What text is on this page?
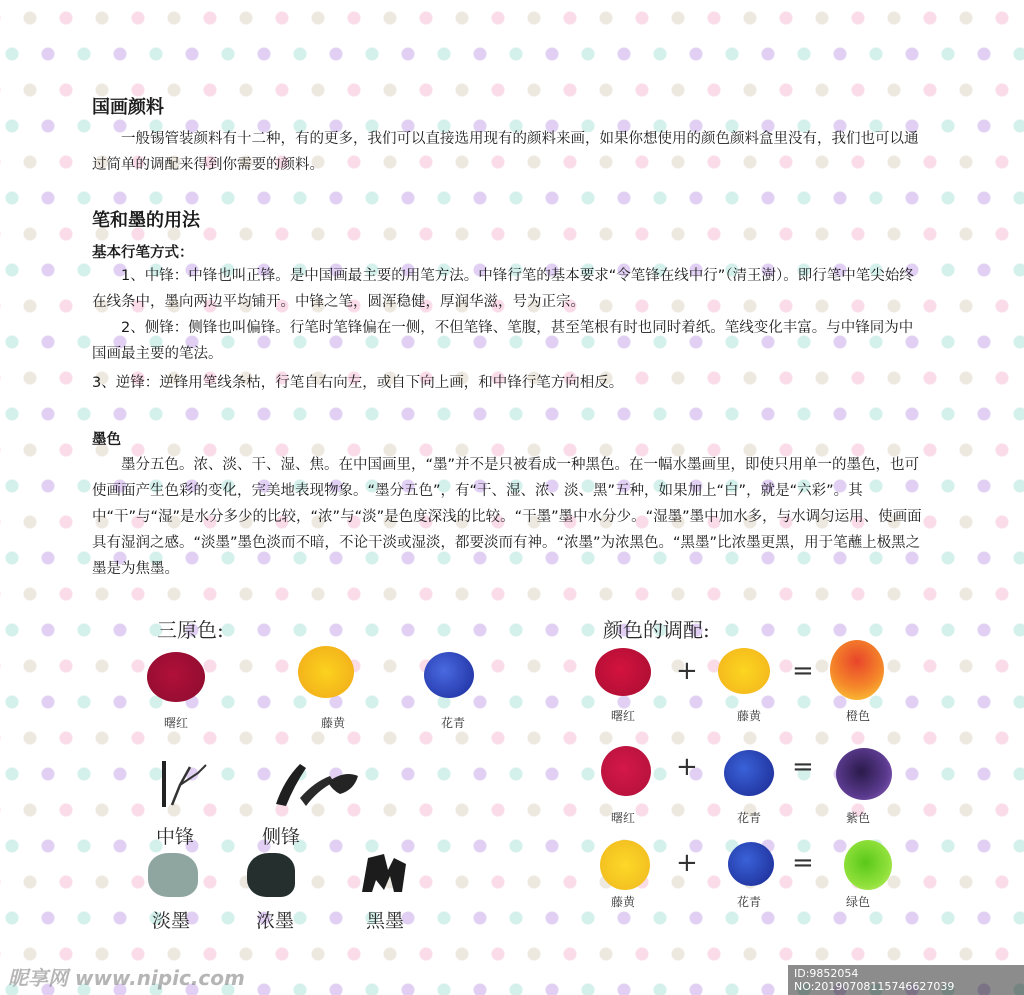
国画颜料
一般锡管装颜料有十二种，有的更多，我们可以直接选用现有的颜料来画，如果你想使用的颜色颜料盒里没有，我们也可以通过简单的调配来得到你需要的颜料。
笔和墨的用法
基本行笔方式：
1、中锋：中锋也叫正锋。是中国画最主要的用笔方法。中锋行笔的基本要求“令笔锋在线中行”（清王澍）。即行笔中笔尖始终在线条中，墨向两边平均铺开。中锋之笔，圆浑稳健，厚润华滋，号为正宗。
2、侧锋：侧锋也叫偏锋。行笔时笔锋偏在一侧，不但笔锋、笔腹，甚至笔根有时也同时着纸。笔线变化丰富。与中锋同为中国画最主要的笔法。
3、逆锋：逆锋用笔线条枯，行笔自右向左，或自下向上画，和中锋行笔方向相反。
墨色
墨分五色。浓、淡、干、湿、焦。在中国画里，“墨”并不是只被看成一种黑色。在一幅水墨画里，即使只用单一的墨色，也可使画面产生色彩的变化，完美地表现物象。“墨分五色”，有“干、湿、浓、淡、黑”五种，如果加上“白”，就是“六彩”。其中“干”与“湿”是水分多少的比较，“浓”与“淡”是色度深浅的比较。“干墨”墨中水分少。“湿墨”墨中加水多，与水调匀运用、使画面具有湿润之感。“淡墨”墨色淡而不暗，不论干淡或湿淡，都要淡而有神。“浓墨”为浓黑色。“黑墨”比浓墨更黑，用于笔蘸上极黑之墨是为焦墨。
三原色:
曙红	藤黄	花青
中锋	侧锋
淡墨	浓墨	黑墨
颜色的调配:
+	=
曙红	藤黄	橙色
+	=
曙红	花青	紫色
+	=
藤黄	花青	绿色
昵享网 www.nipic.com	ID:9852054 NO:20190708115746627039
